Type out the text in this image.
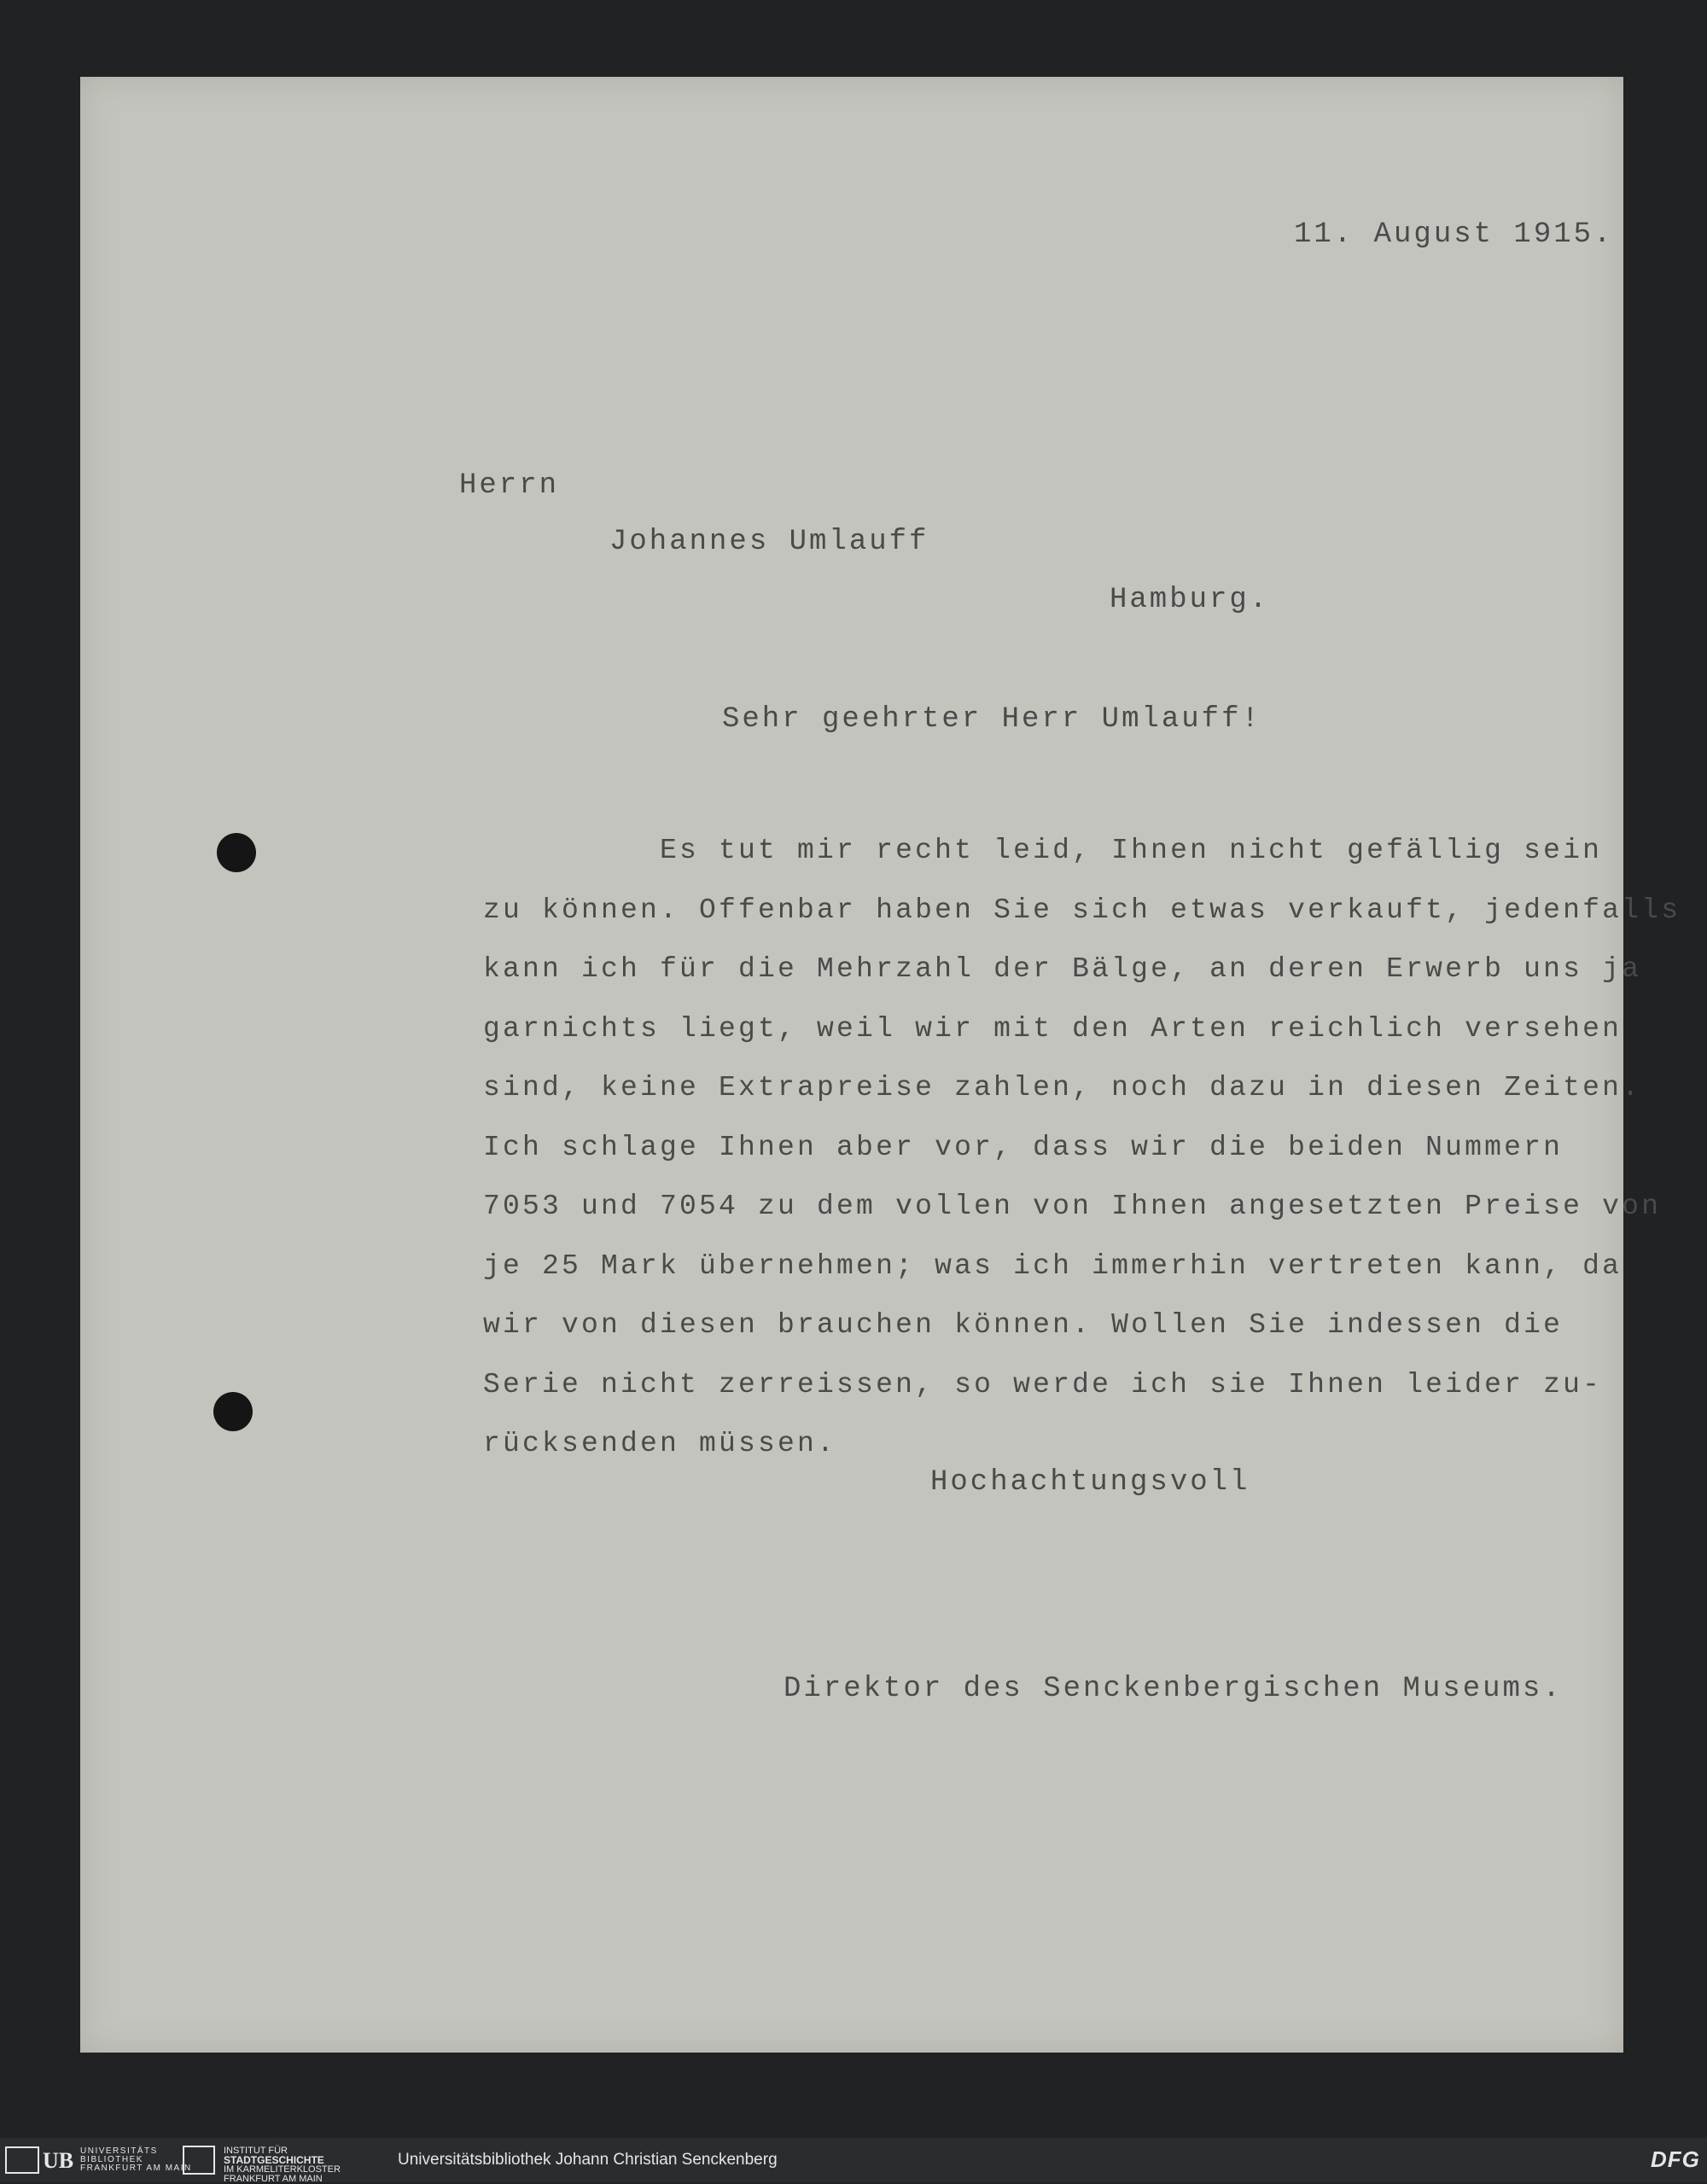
11. August 1915.
Herrn
Johannes Umlauff
Hamburg.
Sehr geehrter Herr Umlauff!
Es tut mir recht leid, Ihnen nicht gefällig sein
zu können. Offenbar haben Sie sich etwas verkauft, jedenfalls
kann ich für die Mehrzahl der Bälge, an deren Erwerb uns ja
garnichts liegt, weil wir mit den Arten reichlich versehen
sind, keine Extrapreise zahlen, noch dazu in diesen Zeiten.
Ich schlage Ihnen aber vor, dass wir die beiden Nummern
7053 und 7054 zu dem vollen von Ihnen angesetzten Preise von
je 25 Mark übernehmen; was ich immerhin vertreten kann, da
wir von diesen brauchen können. Wollen Sie indessen die
Serie nicht zerreissen, so werde ich sie Ihnen leider zu-
rücksenden müssen.
Hochachtungsvoll
Direktor des Senckenbergischen Museums.
UB UNIVERSITÄTS
BIBLIOTHEK
FRANKFURT AM MAIN
INSTITUT FÜR
STADTGESCHICHTE
IM KARMELITERKLOSTER
FRANKFURT AM MAIN
Universitätsbibliothek Johann Christian Senckenberg	DFG
